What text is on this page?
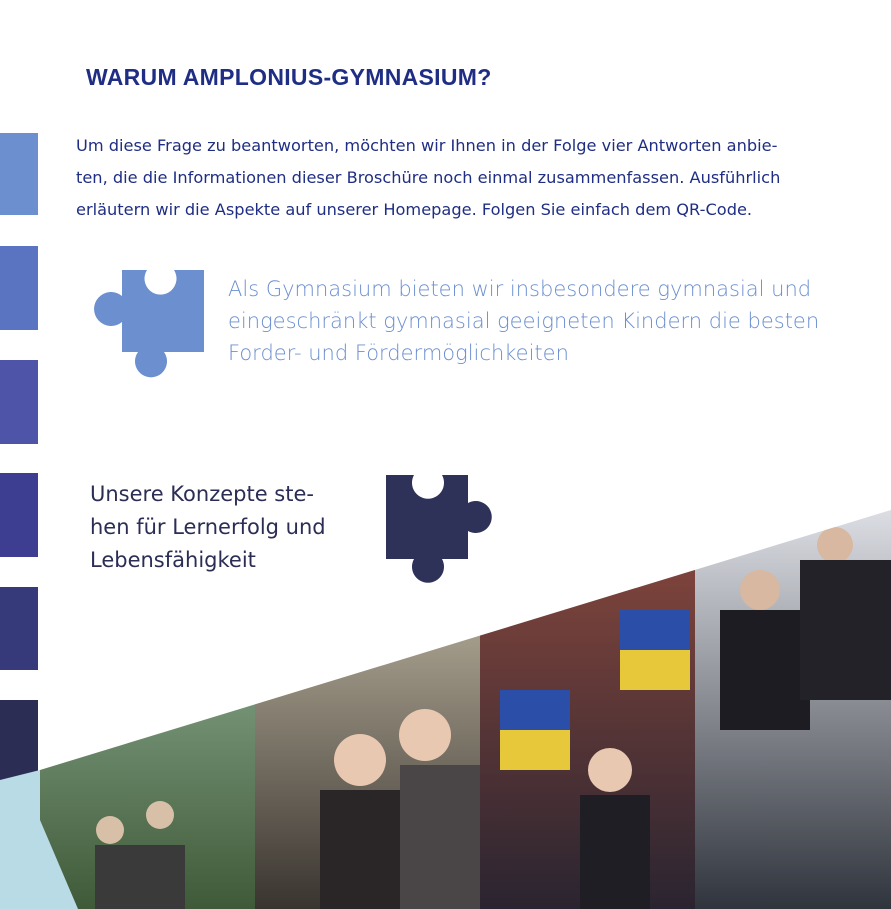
WARUM AMPLONIUS-GYMNASIUM?

Um diese Frage zu beantworten, möchten wir Ihnen in der Folge vier Antworten anbie-
ten, die die Informationen dieser Broschüre noch einmal zusammenfassen. Ausführlich
erläutern wir die Aspekte auf unserer Homepage. Folgen Sie einfach dem QR-Code.

Als Gymnasium bieten wir insbesondere gymnasial und
eingeschränkt gymnasial geeigneten Kindern die besten
Forder- und Fördermöglichkeiten

Unsere Konzepte ste-
hen für Lernerfolg und
Lebensfähigkeit
